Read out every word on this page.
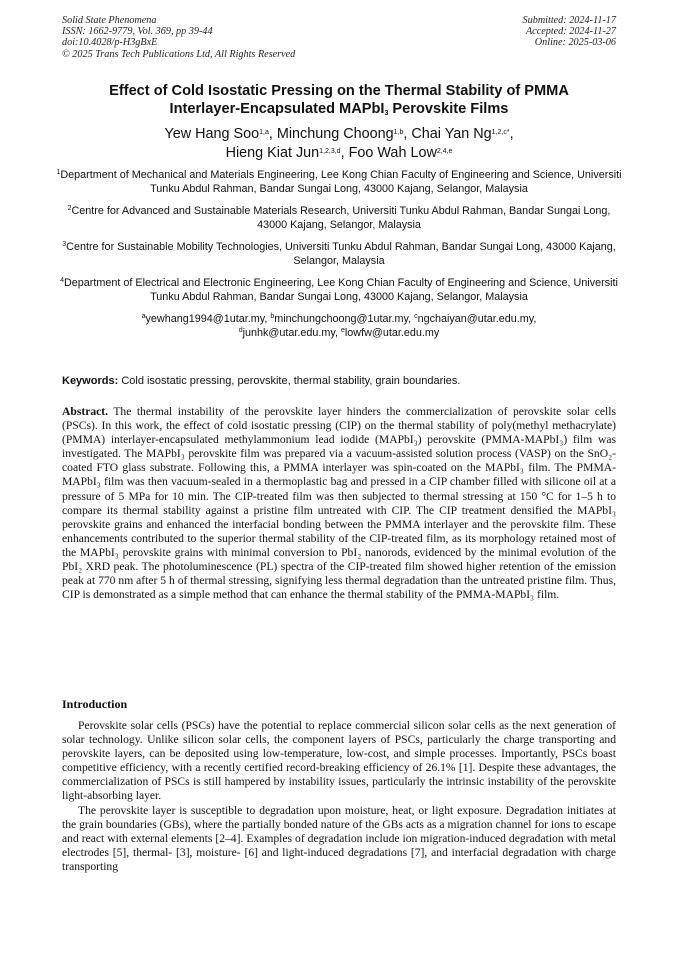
Solid State Phenomena
ISSN: 1662-9779, Vol. 369, pp 39-44
doi:10.4028/p-H3gBxE
© 2025 Trans Tech Publications Ltd, All Rights Reserved
Submitted: 2024-11-17
Accepted: 2024-11-27
Online: 2025-03-06
Effect of Cold Isostatic Pressing on the Thermal Stability of PMMA
Interlayer-Encapsulated MAPbI$_3$ Perovskite Films
Yew Hang Soo$^{1,a}$, Minchung Choong$^{1,b}$, Chai Yan $Ng^{1,2,c*}$,
Hieng Kiat Jun$^{1,2,3,d}$, Foo Wah Low$^{2,4,e}$
$^1$Department of Mechanical and Materials Engineering, Lee Kong Chian Faculty of Engineering and Science, Universiti Tunku Abdul Rahman, Bandar Sungai Long, 43000 Kajang, Selangor, Malaysia
$^2$Centre for Advanced and Sustainable Materials Research, Universiti Tunku Abdul Rahman, Bandar Sungai Long, 43000 Kajang, Selangor, Malaysia
$^3$Centre for Sustainable Mobility Technologies, Universiti Tunku Abdul Rahman, Bandar Sungai Long, 43000 Kajang, Selangor, Malaysia
$^4$Department of Electrical and Electronic Engineering, Lee Kong Chian Faculty of Engineering and Science, Universiti Tunku Abdul Rahman, Bandar Sungai Long, 43000 Kajang, Selangor, Malaysia
$^a$yewhang1994@1utar.my, $^b$minchungchoong@1utar.my, $^c$ngchaiyan@utar.edu.my,
$^d$junhk@utar.edu.my, $^e$lowfw@utar.edu.my
Keywords: Cold isostatic pressing, perovskite, thermal stability, grain boundaries.
Abstract. The thermal instability of the perovskite layer hinders the commercialization of perovskite solar cells (PSCs). In this work, the effect of cold isostatic pressing (CIP) on the thermal stability of poly(methyl methacrylate) (PMMA) interlayer-encapsulated methylammonium lead iodide (MAPbI₃) perovskite (PMMA-MAPbI₃) film was investigated. The MAPbI₃ perovskite film was prepared via a vacuum-assisted solution process (VASP) on the SnO₂-coated FTO glass substrate. Following this, a PMMA interlayer was spin-coated on the MAPbI₃ film. The PMMA-MAPbI₃ film was then vacuum-sealed in a thermoplastic bag and pressed in a CIP chamber filled with silicone oil at a pressure of 5 MPa for 10 min. The CIP-treated film was then subjected to thermal stressing at 150 °C for 1–5 h to compare its thermal stability against a pristine film untreated with CIP. The CIP treatment densified the MAPbI₃ perovskite grains and enhanced the interfacial bonding between the PMMA interlayer and the perovskite film. These enhancements contributed to the superior thermal stability of the CIP-treated film, as its morphology retained most of the MAPbI₃ perovskite grains with minimal conversion to PbI₂ nanorods, evidenced by the minimal evolution of the PbI₂ XRD peak. The photoluminescence (PL) spectra of the CIP-treated film showed higher retention of the emission peak at 770 nm after 5 h of thermal stressing, signifying less thermal degradation than the untreated pristine film. Thus, CIP is demonstrated as a simple method that can enhance the thermal stability of the PMMA-MAPbI₃ film.
Introduction

Perovskite solar cells (PSCs) have the potential to replace commercial silicon solar cells as the next generation of solar technology. Unlike silicon solar cells, the component layers of PSCs, particularly the charge transporting and perovskite layers, can be deposited using low-temperature, low-cost, and simple processes. Importantly, PSCs boast competitive efficiency, with a recently certified record-breaking efficiency of 26.1% [1]. Despite these advantages, the commercialization of PSCs is still hampered by instability issues, particularly the intrinsic instability of the perovskite light-absorbing layer.

The perovskite layer is susceptible to degradation upon moisture, heat, or light exposure. Degradation initiates at the grain boundaries (GBs), where the partially bonded nature of the GBs acts as a migration channel for ions to escape and react with external elements [2–4]. Examples of degradation include ion migration-induced degradation with metal electrodes [5], thermal- [3], moisture- [6] and light-induced degradations [7], and interfacial degradation with charge transporting
